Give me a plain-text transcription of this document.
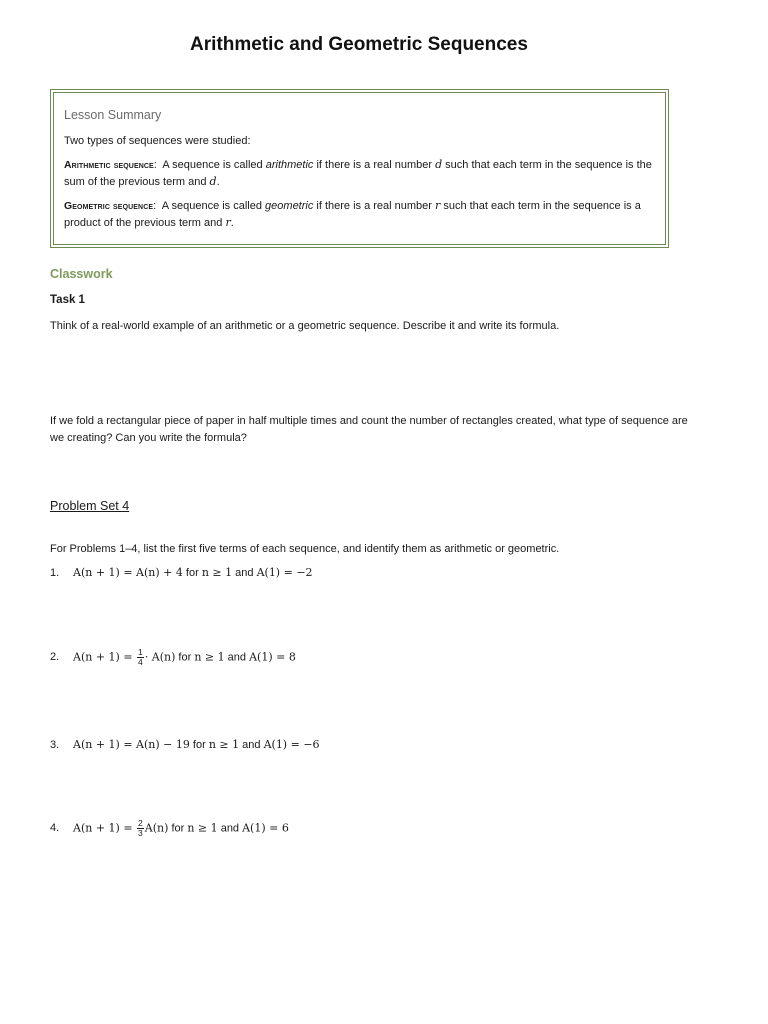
Arithmetic and Geometric Sequences
Lesson Summary

Two types of sequences were studied:

Arithmetic sequence:  A sequence is called arithmetic if there is a real number d such that each term in the sequence is the sum of the previous term and d.

Geometric sequence:  A sequence is called geometric if there is a real number r such that each term in the sequence is a product of the previous term and r.

Classwork
Task 1
Think of a real-world example of an arithmetic or a geometric sequence. Describe it and write its formula.
If we fold a rectangular piece of paper in half multiple times and count the number of rectangles created, what type of sequence are we creating? Can you write the formula?
Problem Set 4
For Problems 1–4, list the first five terms of each sequence, and identify them as arithmetic or geometric.
1. A(n + 1) = A(n) + 4 for n ≥ 1 and A(1) = −2
2. $A(n + 1) = \frac{1}{4} \cdot A(n)$ for n ≥ 1 and A(1) = 8
3. A(n + 1) = A(n) − 19 for n ≥ 1 and A(1) = −6
4. $A(n + 1) = \frac{2}{3} A(n)$ for n ≥ 1 and A(1) = 6
